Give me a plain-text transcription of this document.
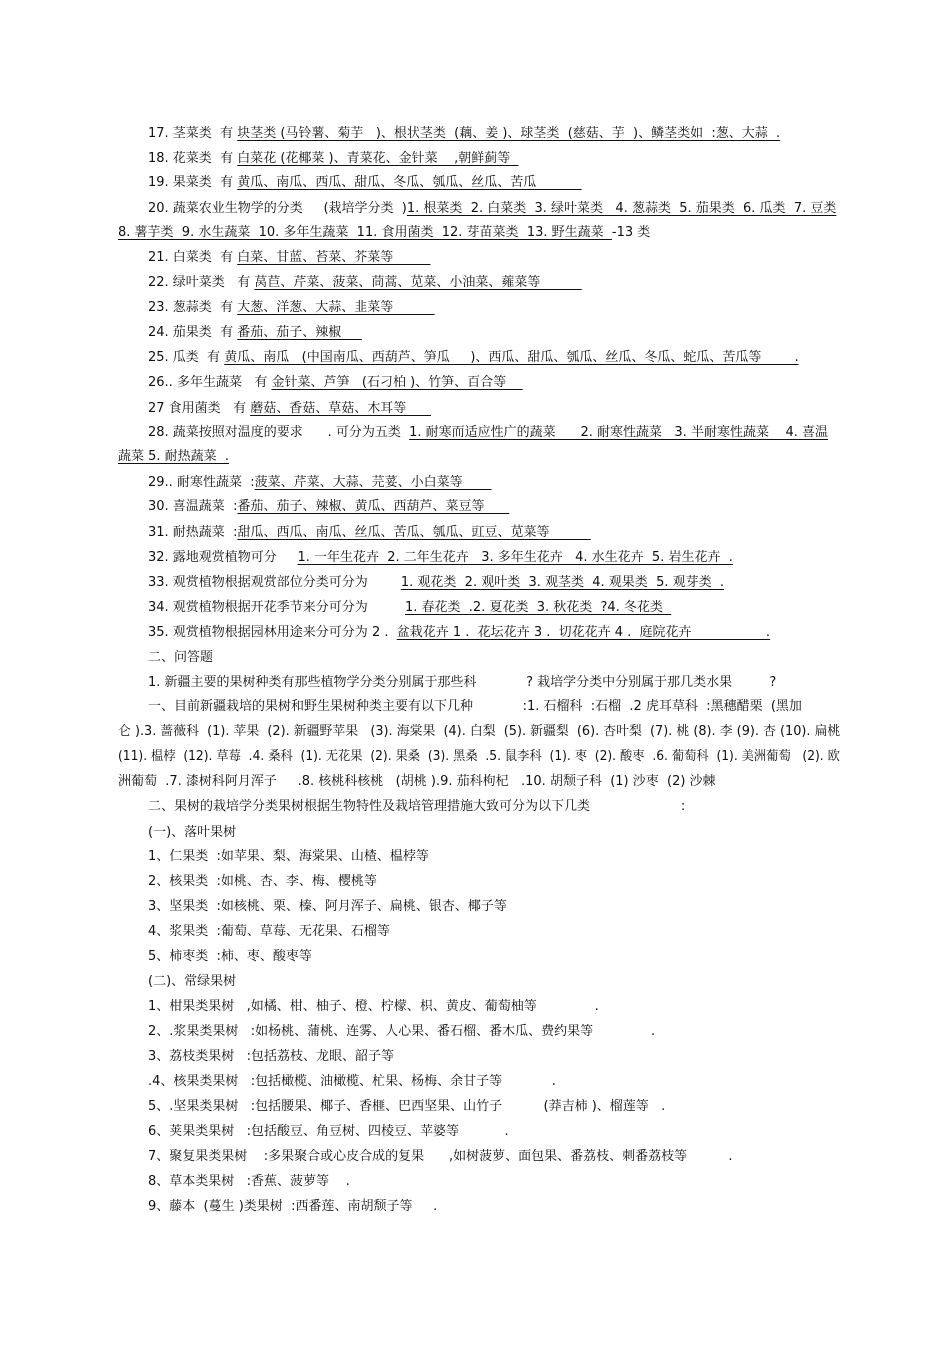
17. 茎菜类  有 块茎类 (马铃薯、菊芋   )、根状茎类  (藕、姜 )、球茎类  (慈菇、芋  )、鳞茎类如  :葱、大蒜  .
18. 花菜类  有 白菜花 (花椰菜 )、青菜花、金针菜    ,朝鲜蓟等
19. 果菜类  有 黄瓜、南瓜、西瓜、甜瓜、冬瓜、瓠瓜、丝瓜、苦瓜
20. 蔬菜农业生物学的分类     (栽培学分类  )1. 根菜类  2. 白菜类  3. 绿叶菜类   4. 葱蒜类  5. 茄果类  6. 瓜类  7. 豆类
8. 薯芋类  9. 水生蔬菜  10. 多年生蔬菜  11. 食用菌类  12. 芽苗菜类  13. 野生蔬菜  -13 类
21. 白菜类  有 白菜、甘蓝、苔菜、芥菜等
22. 绿叶菜类   有 莴苣、芹菜、菠菜、茼蒿、苋菜、小油菜、蕹菜等
23. 葱蒜类  有 大葱、洋葱、大蒜、韭菜等
24. 茄果类  有 番茄、茄子、辣椒
25. 瓜类  有 黄瓜、南瓜   (中国南瓜、西葫芦、笋瓜     )、西瓜、甜瓜、瓠瓜、丝瓜、冬瓜、蛇瓜、苦瓜等        .
26.. 多年生蔬菜   有 金针菜、芦笋   (石刁柏 )、竹笋、百合等
27 食用菌类   有 蘑菇、香菇、草菇、木耳等
28. 蔬菜按照对温度的要求      . 可分为五类  1. 耐寒而适应性广的蔬菜      2. 耐寒性蔬菜   3. 半耐寒性蔬菜    4. 喜温
蔬菜 5. 耐热蔬菜  .
29.. 耐寒性蔬菜  :菠菜、芹菜、大蒜、芫荽、小白菜等
30. 喜温蔬菜  :番茄、茄子、辣椒、黄瓜、西葫芦、菜豆等
31. 耐热蔬菜  :甜瓜、西瓜、南瓜、丝瓜、苦瓜、瓠瓜、豇豆、苋菜等
32. 露地观赏植物可分     1. 一年生花卉  2. 二年生花卉   3. 多年生花卉   4. 水生花卉  5. 岩生花卉  .
33. 观赏植物根据观赏部位分类可分为        1. 观花类  2. 观叶类  3. 观茎类  4. 观果类  5. 观芽类  .
34. 观赏植物根据开花季节来分可分为         1. 春花类  .2. 夏花类  3. 秋花类  ?4. 冬花类
35. 观赏植物根据园林用途来分可分为 2 .  盆栽花卉 1 .  花坛花卉 3 .  切花花卉 4 .  庭院花卉                  .
二、问答题
1. 新疆主要的果树种类有那些植物学分类分别属于那些科            ? 栽培学分类中分别属于那几类水果         ?
一、目前新疆栽培的果树和野生果树种类主要有以下几种            :1. 石榴科  :石榴  .2 虎耳草科  :黑穗醋栗  (黑加
仑 ).3. 蔷薇科  (1). 苹果  (2). 新疆野苹果   (3). 海棠果  (4). 白梨  (5). 新疆梨  (6). 杏叶梨  (7). 桃 (8). 李 (9). 杏 (10). 扁桃
(11). 榅桲  (12). 草莓  .4. 桑科  (1). 无花果  (2). 果桑  (3). 黑桑  .5. 鼠李科  (1). 枣  (2). 酸枣  .6. 葡萄科  (1). 美洲葡萄   (2). 欧
洲葡萄  .7. 漆树科阿月浑子     .8. 核桃科核桃   (胡桃 ).9. 茄科枸杞   .10. 胡颓子科  (1) 沙枣  (2) 沙棘
二、果树的栽培学分类果树根据生物特性及栽培管理措施大致可分为以下几类                      :
(一)、落叶果树
1、仁果类  :如苹果、梨、海棠果、山楂、榅桲等
2、核果类  :如桃、杏、李、梅、樱桃等
3、坚果类  :如核桃、栗、榛、阿月浑子、扁桃、银杏、椰子等
4、浆果类  :葡萄、草莓、无花果、石榴等
5、柿枣类  :柿、枣、酸枣等
(二)、常绿果树
1、柑果类果树   ,如橘、柑、柚子、橙、柠檬、枳、黄皮、葡萄柚等              .
2、.浆果类果树   :如杨桃、蒲桃、连雾、人心果、番石榴、番木瓜、费约果等              .
3、荔枝类果树   :包括荔枝、龙眼、韶子等
.4、核果类果树   :包括橄榄、油橄榄、杧果、杨梅、余甘子等            .
5、.坚果类果树   :包括腰果、椰子、香榧、巴西坚果、山竹子          (莽吉柿 )、榴莲等   .
6、荚果类果树   :包括酸豆、角豆树、四棱豆、苹婆等           .
7、聚复果类果树    :多果聚合或心皮合成的复果      ,如树菠萝、面包果、番荔枝、刺番荔枝等          .
8、草本类果树   :香蕉、菠萝等    .
9、藤本  (蔓生 )类果树  :西番莲、南胡颓子等     .
